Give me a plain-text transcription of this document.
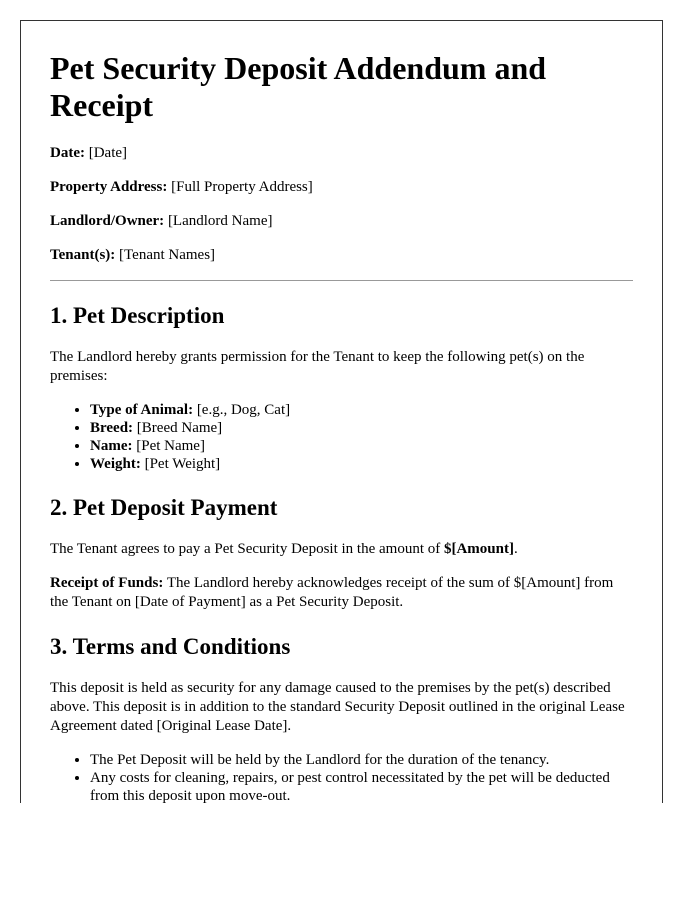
Pet Security Deposit Addendum and Receipt

Date: [Date]

Property Address: [Full Property Address]

Landlord/Owner: [Landlord Name]

Tenant(s): [Tenant Names]

1. Pet Description

The Landlord hereby grants permission for the Tenant to keep the following pet(s) on the premises:

• Type of Animal: [e.g., Dog, Cat]
• Breed: [Breed Name]
• Name: [Pet Name]
• Weight: [Pet Weight]
2. Pet Deposit Payment

The Tenant agrees to pay a Pet Security Deposit in the amount of $[Amount].

Receipt of Funds: The Landlord hereby acknowledges receipt of the sum of $[Amount] from the Tenant on [Date of Payment] as a Pet Security Deposit.

3. Terms and Conditions

This deposit is held as security for any damage caused to the premises by the pet(s) described above. This deposit is in addition to the standard Security Deposit outlined in the original Lease Agreement dated [Original Lease Date].

• The Pet Deposit will be held by the Landlord for the duration of the tenancy.
• Any costs for cleaning, repairs, or pest control necessitated by the pet will be deducted from this deposit upon move-out.
